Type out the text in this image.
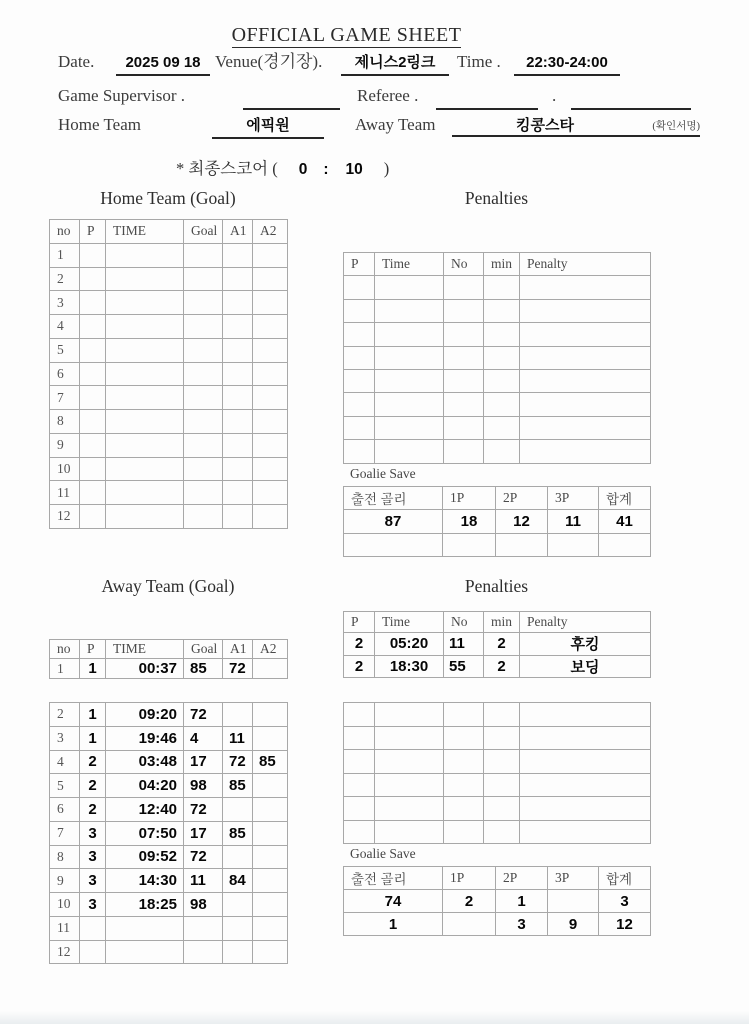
OFFICIAL GAME SHEET
Date.	2025 09 18 Venue(경기장).	제니스2링크	Time .	22:30-24:00
Game Supervisor .	Referee .	.
Home Team	에픽원	Away Team	킹콩스타	(확인서명)
* 최종스코어 ( 0 : 10 )
Home Team (Goal)	Penalties
Away Team (Goal)	Penalties
no	P	TIME	Goal	A1	A2
1					
2					
3					
4					
5					
6					
7					
8					
9					
10					
11					
12					
P	Time	No	min	Penalty

Goalie Save
출전 골리	1P	2P	3P	합계
87	18	12	11	41

no	P	TIME	Goal	A1	A2
1	1	00:37	85	72	
2	1	09:20	72		
3	1	19:46	4	11	
4	2	03:48	17	72	85
5	2	04:20	98	85	
6	2	12:40	72		
7	3	07:50	17	85	
8	3	09:52	72		
9	3	14:30	11	84	
10	3	18:25	98		
11					
12					
P	Time	No	min	Penalty
2	05:20	11	2	후킹
2	18:30	55	2	보딩

Goalie Save
출전 골리	1P	2P	3P	합계
74	2	1		3
1		3	9	12
